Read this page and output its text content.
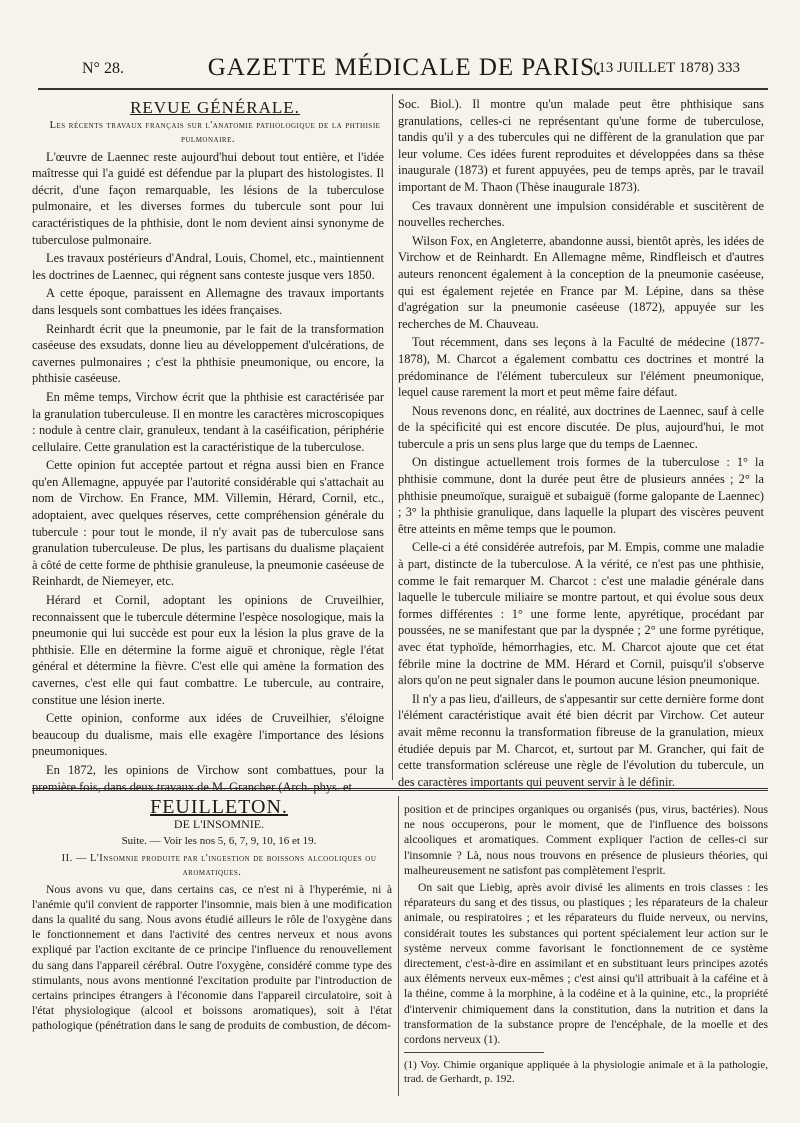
N° 28.	GAZETTE MÉDICALE DE PARIS.
(13 JUILLET 1878) 333

REVUE GÉNÉRALE.

Les récents travaux français sur l'anatomie pathologique de la phthisie pulmonaire.

L'œuvre de Laennec reste aujourd'hui debout tout entière, et l'idée maîtresse qui l'a guidé est défendue par la plupart des histologistes. Il décrit, d'une façon remarquable, les lésions de la tuberculose pulmonaire, et les diverses formes du tubercule sont pour lui caractéristiques de la phthisie, dont le nom devient ainsi synonyme de tuberculose pulmonaire.

Les travaux postérieurs d'Andral, Louis, Chomel, etc., maintiennent les doctrines de Laennec, qui régnent sans conteste jusque vers 1850.

A cette époque, paraissent en Allemagne des travaux importants dans lesquels sont combattues les idées françaises.

Reinhardt écrit que la pneumonie, par le fait de la transformation caséeuse des exsudats, donne lieu au développement d'ulcérations, de cavernes pulmonaires ; c'est la phthisie pneumonique, ou encore, la phthisie caséeuse.

En même temps, Virchow écrit que la phthisie est caractérisée par la granulation tuberculeuse. Il en montre les caractères microscopiques : nodule à centre clair, granuleux, tendant à la caséification, périphérie cellulaire. Cette granulation est la caractéristique de la tuberculose.

Cette opinion fut acceptée partout et régna aussi bien en France qu'en Allemagne, appuyée par l'autorité considérable qui s'attachait au nom de Virchow. En France, MM. Villemin, Hérard, Cornil, etc., adoptaient, avec quelques réserves, cette compréhension générale du tubercule : pour tout le monde, il n'y avait pas de tuberculose sans granulation tuberculeuse. De plus, les partisans du dualisme plaçaient à côté de cette forme de phthisie granuleuse, la pneumonie caséeuse de Reinhardt, de Niemeyer, etc.

Hérard et Cornil, adoptant les opinions de Cruveilhier, reconnaissent que le tubercule détermine l'espèce nosologique, mais la pneumonie qui lui succède est pour eux la lésion la plus grave de la phthisie. Elle en détermine la forme aiguë et chronique, règle l'état général et détermine la fièvre. C'est elle qui amène la formation des cavernes, c'est elle qui faut combattre. Le tubercule, au contraire, constitue une lésion inerte.

Cette opinion, conforme aux idées de Cruveilhier, s'éloigne beaucoup du dualisme, mais elle exagère l'importance des lésions pneumoniques.

En 1872, les opinions de Virchow sont combattues, pour la première fois, dans deux travaux de M. Grancher (Arch. phys. et

Soc. Biol.). Il montre qu'un malade peut être phthisique sans granulations, celles-ci ne représentant qu'une forme de tuberculose, tandis qu'il y a des tubercules qui ne diffèrent de la granulation que par leur volume. Ces idées furent reproduites et développées dans sa thèse inaugurale (1873) et furent appuyées, peu de temps après, par le travail important de M. Thaon (Thèse inaugurale 1873).

Ces travaux donnèrent une impulsion considérable et suscitèrent de nouvelles recherches.

Wilson Fox, en Angleterre, abandonne aussi, bientôt après, les idées de Virchow et de Reinhardt. En Allemagne même, Rindfleisch et d'autres auteurs renoncent également à la conception de la pneumonie caséeuse, qui est également rejetée en France par M. Lépine, dans sa thèse d'agrégation sur la pneumonie caséeuse (1872), appuyée sur les recherches de M. Chauveau.

Tout récemment, dans ses leçons à la Faculté de médecine (1877-1878), M. Charcot a également combattu ces doctrines et montré la prédominance de l'élément tuberculeux sur l'élément pneumonique, lequel cause rarement la mort et peut même faire défaut.

Nous revenons donc, en réalité, aux doctrines de Laennec, sauf à celle de la spécificité qui est encore discutée. De plus, aujourd'hui, le mot tubercule a pris un sens plus large que du temps de Laennec.

On distingue actuellement trois formes de la tuberculose : 1° la phthisie commune, dont la durée peut être de plusieurs années ; 2° la phthisie pneumoïque, suraiguë et subaiguë (forme galopante de Laennec) ; 3° la phthisie granulique, dans laquelle la plupart des viscères peuvent être atteints en même temps que le poumon.

Celle-ci a été considérée autrefois, par M. Empis, comme une maladie à part, distincte de la tuberculose. A la vérité, ce n'est pas une phthisie, comme le fait remarquer M. Charcot : c'est une maladie générale dans laquelle le tubercule miliaire se montre partout, et qui évolue sous deux formes différentes : 1° une forme lente, apyrétique, procédant par poussées, ne se manifestant que par la dyspnée ; 2° une forme pyrétique, avec état typhoïde, hémorrhagies, etc. M. Charcot ajoute que cet état fébrile mine la doctrine de MM. Hérard et Cornil, puisqu'il s'observe alors qu'on ne peut signaler dans le poumon aucune lésion pneumonique.

Il n'y a pas lieu, d'ailleurs, de s'appesantir sur cette dernière forme dont l'élément caractéristique avait été bien décrit par Virchow. Cet auteur avait même reconnu la transformation fibreuse de la granulation, mieux étudiée depuis par M. Charcot, et, surtout par M. Grancher, qui fait de cette transformation scléreuse une règle de l'évolution du tubercule, un des caractères importants qui peuvent servir à le définir.

FEUILLETON.

DE L'INSOMNIE.

Suite. — Voir les nos 5, 6, 7, 9, 10, 16 et 19.

II. — L'Insomnie produite par l'ingestion de boissons alcooliques ou aromatiques.

Nous avons vu que, dans certains cas, ce n'est ni à l'hyperémie, ni à l'anémie qu'il convient de rapporter l'insomnie, mais bien à une modification dans la qualité du sang. Nous avons étudié ailleurs le rôle de l'oxygène dans le fonctionnement et dans l'activité des centres nerveux et nous avons expliqué par l'action excitante de ce principe l'influence du renouvellement du sang dans l'appareil cérébral. Outre l'oxygène, considéré comme type des stimulants, nous avons mentionné l'excitation produite par l'introduction de certains principes étrangers à l'économie dans l'appareil circulatoire, soit à l'état physiologique (alcool et boissons aromatiques), soit à l'état pathologique (pénétration dans le sang de produits de combustion, de décom-

position et de principes organiques ou organisés (pus, virus, bactéries). Nous ne nous occuperons, pour le moment, que de l'influence des boissons alcooliques et aromatiques. Comment expliquer l'action de celles-ci sur l'insomnie ? Là, nous nous trouvons en présence de plusieurs théories, qui malheureusement ne satisfont pas complètement l'esprit.

On sait que Liebig, après avoir divisé les aliments en trois classes : les réparateurs du sang et des tissus, ou plastiques ; les réparateurs de la chaleur animale, ou respiratoires ; et les réparateurs du fluide nerveux, ou nervins, considérait toutes les substances qui portent spécialement leur action sur le système nerveux comme favorisant le fonctionnement de ce système directement, c'est-à-dire en assimilant et en substituant leurs principes azotés aux éléments nerveux eux-mêmes ; c'est ainsi qu'il attribuait à la caféine et à la théine, comme à la morphine, à la codéine et à la quinine, etc., la propriété d'intervenir chimiquement dans la constitution, dans la nutrition et dans la transformation de la substance propre de l'encéphale, de la moelle et des cordons nerveux (1).

(1) Voy. Chimie organique appliquée à la physiologie animale et à la pathologie, trad. de Gerhardt, p. 192.
